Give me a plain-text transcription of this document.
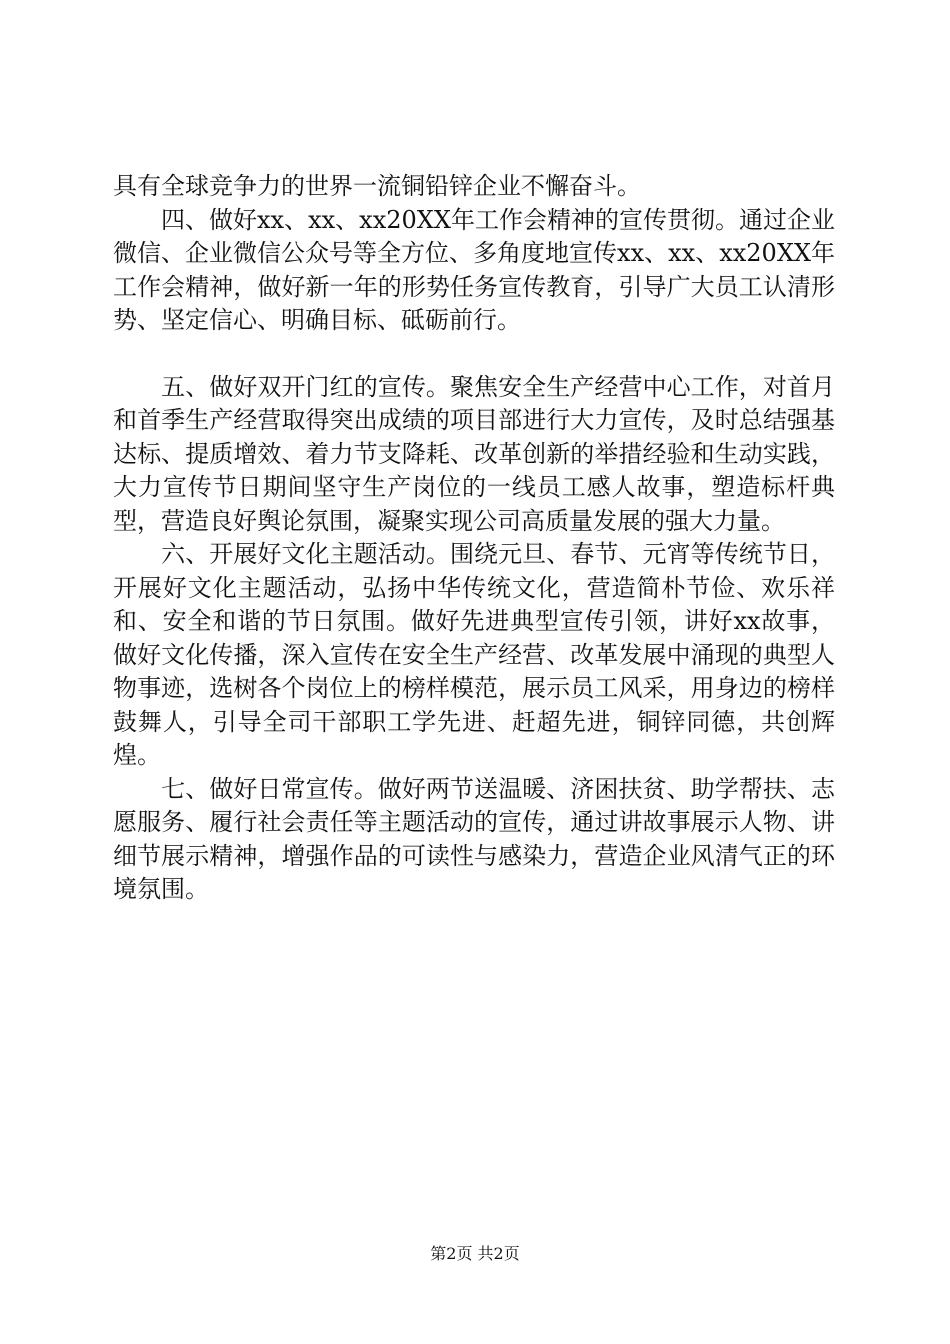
具有全球竞争力的世界一流铜铅锌企业不懈奋斗。

　　四、做好xx、xx、xx20XX年工作会精神的宣传贯彻。通过企业微信、企业微信公众号等全方位、多角度地宣传xx、xx、xx20XX年工作会精神，做好新一年的形势任务宣传教育，引导广大员工认清形势、坚定信心、明确目标、砥砺前行。

　　五、做好双开门红的宣传。聚焦安全生产经营中心工作，对首月和首季生产经营取得突出成绩的项目部进行大力宣传，及时总结强基达标、提质增效、着力节支降耗、改革创新的举措经验和生动实践，大力宣传节日期间坚守生产岗位的一线员工感人故事，塑造标杆典型，营造良好舆论氛围，凝聚实现公司高质量发展的强大力量。

　　六、开展好文化主题活动。围绕元旦、春节、元宵等传统节日，开展好文化主题活动，弘扬中华传统文化，营造简朴节俭、欢乐祥和、安全和谐的节日氛围。做好先进典型宣传引领，讲好xx故事，做好文化传播，深入宣传在安全生产经营、改革发展中涌现的典型人物事迹，选树各个岗位上的榜样模范，展示员工风采，用身边的榜样鼓舞人，引导全司干部职工学先进、赶超先进，铜锌同德，共创辉煌。

　　七、做好日常宣传。做好两节送温暖、济困扶贫、助学帮扶、志愿服务、履行社会责任等主题活动的宣传，通过讲故事展示人物、讲细节展示精神，增强作品的可读性与感染力，营造企业风清气正的环境氛围。

第2页 共2页
